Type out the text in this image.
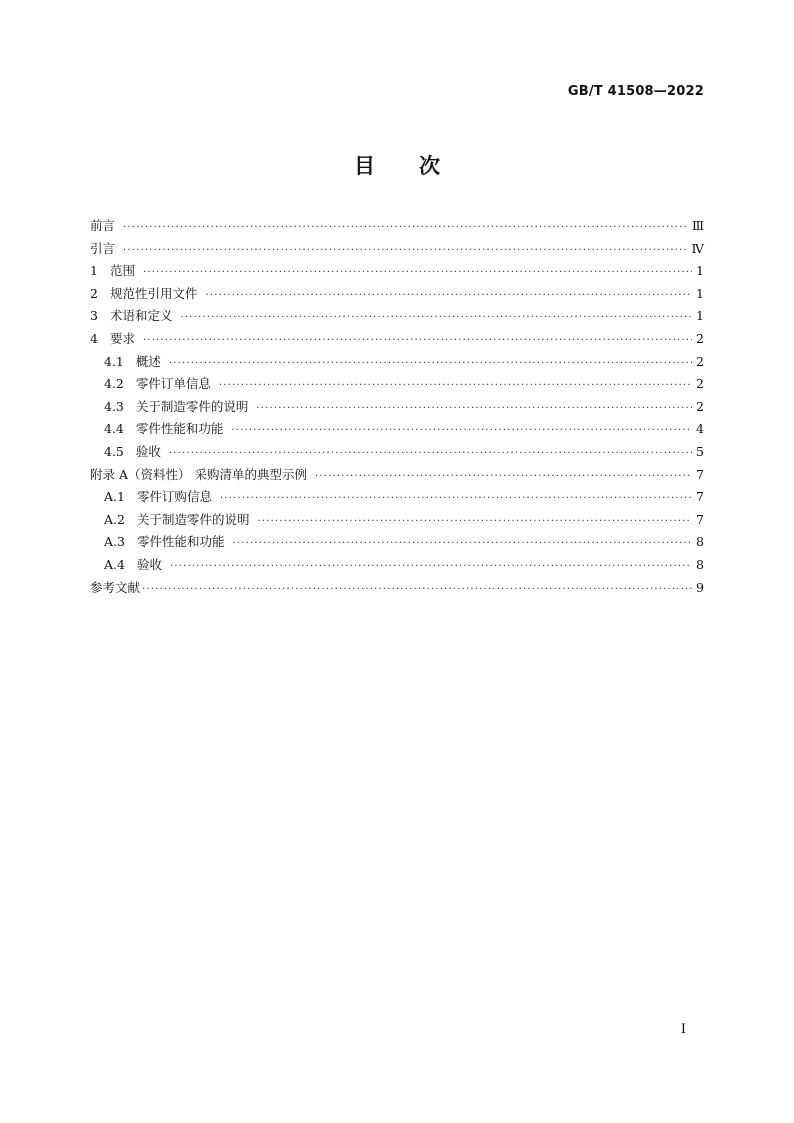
GB/T 41508—2022
目 次
前言 ·····	Ⅲ
引言 ·····	Ⅳ
1 范围 ·····	1
2 规范性引用文件 ·····	1
3 术语和定义 ·····	1
4 要求 ·····	2
4.1 概述 ·····	2
4.2 零件订单信息 ·····	2
4.3 关于制造零件的说明 ·····	2
4.4 零件性能和功能 ·····	4
4.5 验收 ·····	5
附录 A（资料性） 采购清单的典型示例 ·····	7
A.1 零件订购信息 ·····	7
A.2 关于制造零件的说明 ·····	7
A.3 零件性能和功能 ·····	8
A.4 验收 ·····	8
参考文献 ·····	9
I
